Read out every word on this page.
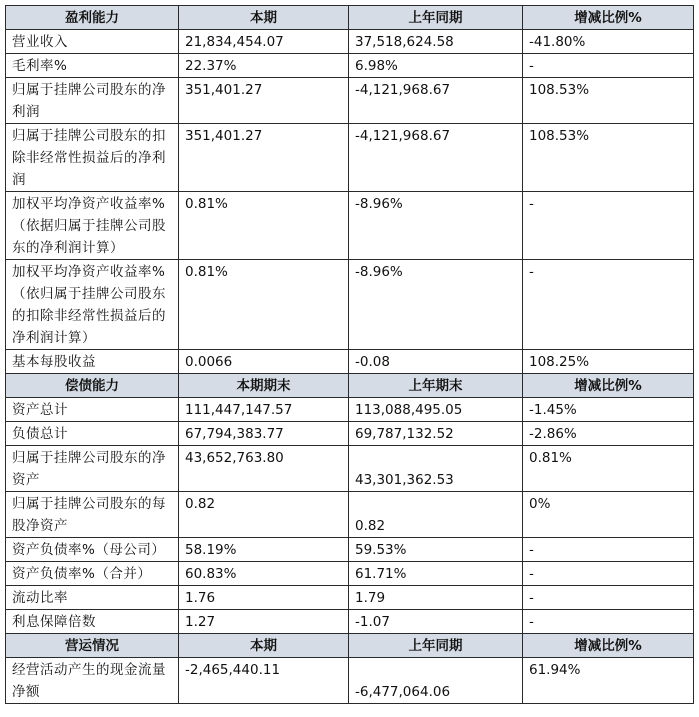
盈利能力	本期	上年同期	增减比例%
营业收入	21,834,454.07	37,518,624.58	-41.80%
毛利率%	22.37%	6.98%	-
归属于挂牌公司股东的净利润	351,401.27	-4,121,968.67	108.53%
归属于挂牌公司股东的扣除非经常性损益后的净利润	351,401.27	-4,121,968.67	108.53%
加权平均净资产收益率%（依据归属于挂牌公司股东的净利润计算）	0.81%	-8.96%	-
加权平均净资产收益率%（依归属于挂牌公司股东的扣除非经常性损益后的净利润计算）	0.81%	-8.96%	-
基本每股收益	0.0066	-0.08	108.25%
偿债能力	本期期末	上年期末	增减比例%
资产总计	111,447,147.57	113,088,495.05	-1.45%
负债总计	67,794,383.77	69,787,132.52	-2.86%
归属于挂牌公司股东的净资产	43,652,763.80	43,301,362.53	0.81%
归属于挂牌公司股东的每股净资产	0.82	0.82	0%
资产负债率%（母公司）	58.19%	59.53%	-
资产负债率%（合并）	60.83%	61.71%	-
流动比率	1.76	1.79	-
利息保障倍数	1.27	-1.07	-
营运情况	本期	上年同期	增减比例%
经营活动产生的现金流量净额	-2,465,440.11	-6,477,064.06	61.94%
